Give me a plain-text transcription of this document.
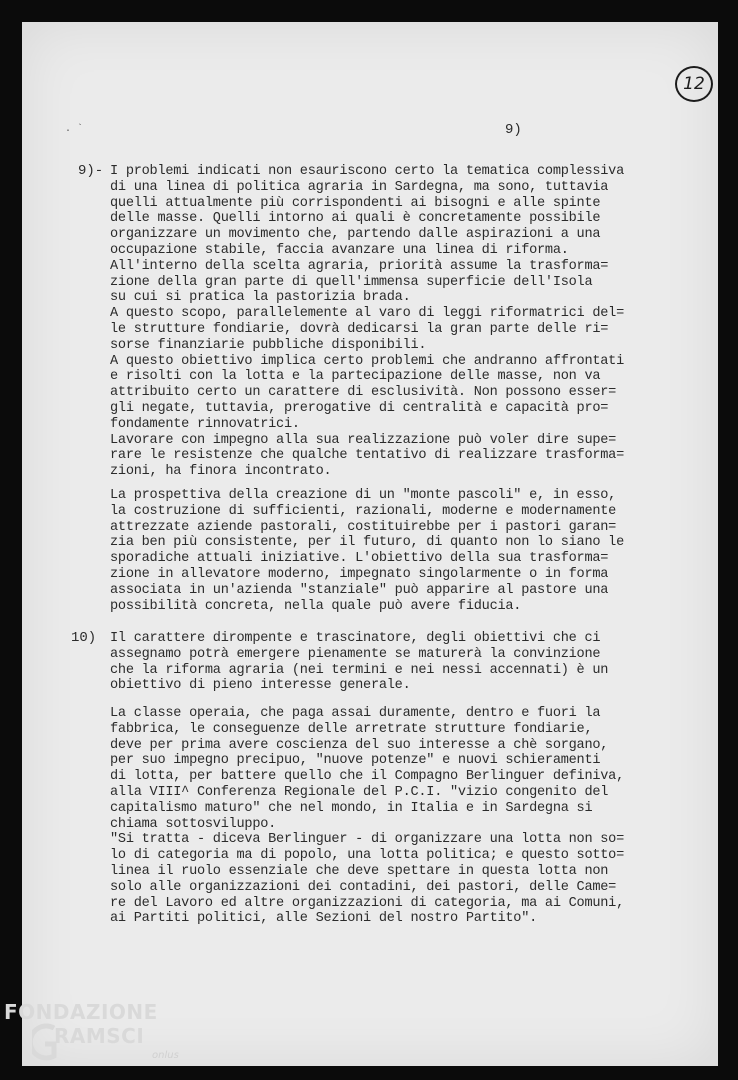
12
. `	9)
9)- I problemi indicati non esauriscono certo la tematica complessiva
di una linea di politica agraria in Sardegna, ma sono, tuttavia
quelli attualmente più corrispondenti ai bisogni e alle spinte
delle masse. Quelli intorno ai quali è concretamente possibile
organizzare un movimento che, partendo dalle aspirazioni a una
occupazione stabile, faccia avanzare una linea di riforma.
All'interno della scelta agraria, priorità assume la trasforma=
zione della gran parte di quell'immensa superficie dell'Isola
su cui si pratica la pastorizia brada.
A questo scopo, parallelemente al varo di leggi riformatrici del=
le strutture fondiarie, dovrà dedicarsi la gran parte delle ri=
sorse finanziarie pubbliche disponibili.
A questo obiettivo implica certo problemi che andranno affrontati
e risolti con la lotta e la partecipazione delle masse, non va
attribuito certo un carattere di esclusività. Non possono esser=
gli negate, tuttavia, prerogative di centralità e capacità pro=
fondamente rinnovatrici.
Lavorare con impegno alla sua realizzazione può voler dire supe=
rare le resistenze che qualche tentativo di realizzare trasforma=
zioni, ha finora incontrato.
La prospettiva della creazione di un "monte pascoli" e, in esso,
la costruzione di sufficienti, razionali, moderne e modernamente
attrezzate aziende pastorali, costituirebbe per i pastori garan=
zia ben più consistente, per il futuro, di quanto non lo siano le
sporadiche attuali iniziative. L'obiettivo della sua trasforma=
zione in allevatore moderno, impegnato singolarmente o in forma
associata in un'azienda "stanziale" può apparire al pastore una
possibilità concreta, nella quale può avere fiducia.
10) Il carattere dirompente e trascinatore, degli obiettivi che ci
assegnamo potrà emergere pienamente se maturerà la convinzione
che la riforma agraria (nei termini e nei nessi accennati) è un
obiettivo di pieno interesse generale.
La classe operaia, che paga assai duramente, dentro e fuori la
fabbrica, le conseguenze delle arretrate strutture fondiarie,
deve per prima avere coscienza del suo interesse a chè sorgano,
per suo impegno precipuo, "nuove potenze" e nuovi schieramenti
di lotta, per battere quello che il Compagno Berlinguer definiva,
alla VIII^ Conferenza Regionale del P.C.I. "vizio congenito del
capitalismo maturo" che nel mondo, in Italia e in Sardegna si
chiama sottosviluppo.
"Si tratta - diceva Berlinguer - di organizzare una lotta non so=
lo di categoria ma di popolo, una lotta politica; e questo sotto=
linea il ruolo essenziale che deve spettare in questa lotta non
solo alle organizzazioni dei contadini, dei pastori, delle Came=
re del Lavoro ed altre organizzazioni di categoria, ma ai Comuni,
ai Partiti politici, alle Sezioni del nostro Partito".
FONDAZIONE
RAMSCI
onlus
